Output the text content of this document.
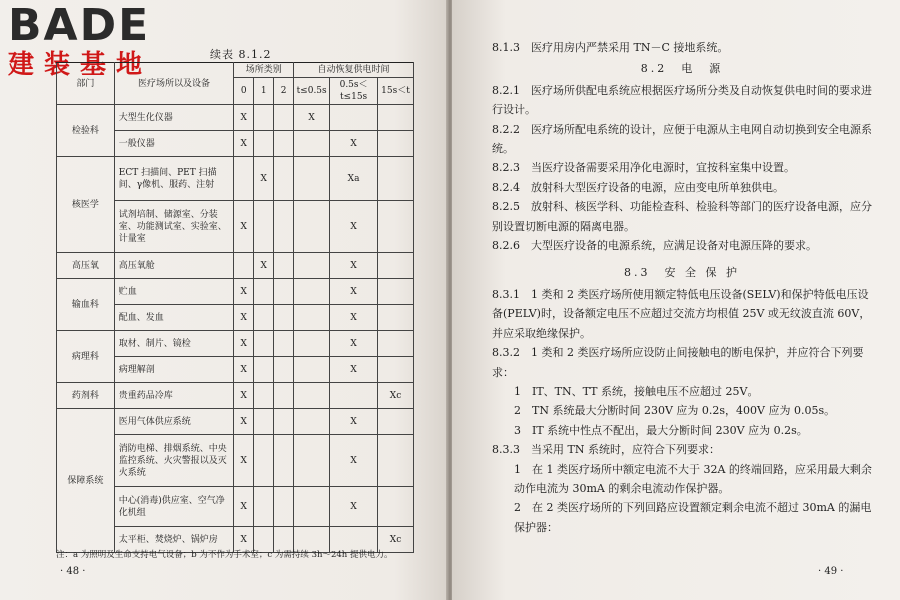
BADE
建装基地	续表 8.1.2
部门	医疗场所以及设备	场所类别			自动恢复供电时间		
		0	1	2	t≤0.5s	0.5s＜ t≤15s	15s＜t
检验科	大型生化仪器	X			X		
	一般仪器	X				X	
核医学	ECT 扫描间、PET 扫描间、γ像机、服药、注射		X			Xa	
	试剂培制、储源室、分装室、功能测试室、实验室、计量室	X				X	
高压氧	高压氧舱		X			X	
输血科	贮血	X				X	
	配血、发血	X				X	
病理科	取材、制片、镜检	X				X	
	病理解剖	X				X	
药剂科	贵重药品冷库	X					Xc
保障系统	医用气体供应系统	X				X	
	消防电梯、排烟系统、中央监控系统、火灾警报以及灭火系统	X				X	
	中心(消毒)供应室、空气净化机组	X				X	
	太平柜、焚烧炉、锅炉房	X					Xc
注：a 为照明及生命支持电气设备；b 为不作为手术室；c 为需持续 3h～24h 提供电力。
· 48 ·

8.1.3　医疗用房内严禁采用 TN－C 接地系统。

8.2　电　源

8.2.1　医疗场所供配电系统应根据医疗场所分类及自动恢复供电时间的要求进行设计。

8.2.2　医疗场所配电系统的设计，应便于电源从主电网自动切换到安全电源系统。

8.2.3　当医疗设备需要采用净化电源时，宜按科室集中设置。

8.2.4　放射科大型医疗设备的电源，应由变电所单独供电。

8.2.5　放射科、核医学科、功能检查科、检验科等部门的医疗设备电源，应分别设置切断电源的隔离电器。

8.2.6　大型医疗设备的电源系统，应满足设备对电源压降的要求。

8.3　安 全 保 护

8.3.1　1 类和 2 类医疗场所使用额定特低电压设备(SELV)和保护特低电压设备(PELV)时，设备额定电压不应超过交流方均根值 25V 或无纹波直流 60V，并应采取绝缘保护。

8.3.2　1 类和 2 类医疗场所应设防止间接触电的断电保护，并应符合下列要求：

1　IT、TN、TT 系统，接触电压不应超过 25V。

2　TN 系统最大分断时间 230V 应为 0.2s，400V 应为 0.05s。

3　IT 系统中性点不配出，最大分断时间 230V 应为 0.2s。

8.3.3　当采用 TN 系统时，应符合下列要求：

1　在 1 类医疗场所中额定电流不大于 32A 的终端回路，应采用最大剩余动作电流为 30mA 的剩余电流动作保护器。

2　在 2 类医疗场所的下列回路应设置额定剩余电流不超过 30mA 的漏电保护器：

· 49 ·
